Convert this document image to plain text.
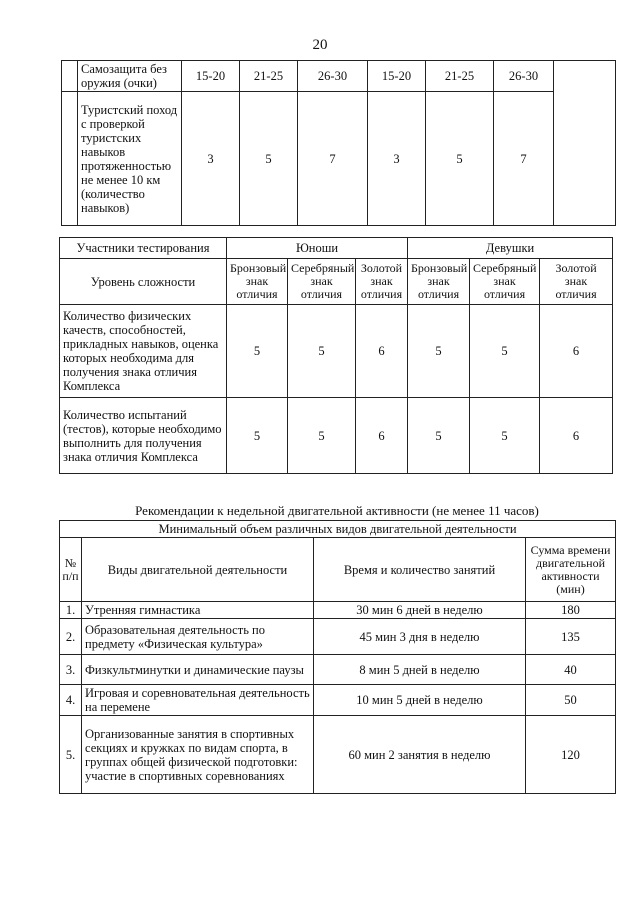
20
	Самозащита без оружия (очки)	15-20	21-25	26-30	15-20	21-25	26-30	
	Туристский поход с проверкой туристских навыков протяженностью не менее 10 км (количество навыков)	3	5	7	3	5	7	
Участники тестирования	Юноши			Девушки		
Уровень сложности	Бронзовый знак отличия	Серебряный знак отличия	Золотой знак отличия	Бронзовый знак отличия	Серебряный знак отличия	Золотой знак отличия
Количество физических качеств, способностей, прикладных навыков, оценка которых необходима для получения знака отличия Комплекса	5	5	6	5	5	6
Количество испытаний (тестов), которые необходимо выполнить для получения знака отличия Комплекса	5	5	6	5	5	6
Рекомендации к недельной двигательной активности (не менее 11 часов)
Минимальный объем различных видов двигательной деятельности			
№ п/п	Виды двигательной деятельности	Время и количество занятий	Сумма времени двигательной активности (мин)
1.	Утренняя гимнастика	30 мин 6 дней в неделю	180
2.	Образовательная деятельность по предмету «Физическая культура»	45 мин 3 дня в неделю	135
3.	Физкультминутки и динамические паузы	8 мин 5 дней в неделю	40
4.	Игровая и соревновательная деятельность на перемене	10 мин 5 дней в неделю	50
5.	Организованные занятия в спортивных секциях и кружках по видам спорта, в группах общей физической подготовки: участие в спортивных соревнованиях	60 мин 2 занятия в неделю	120
